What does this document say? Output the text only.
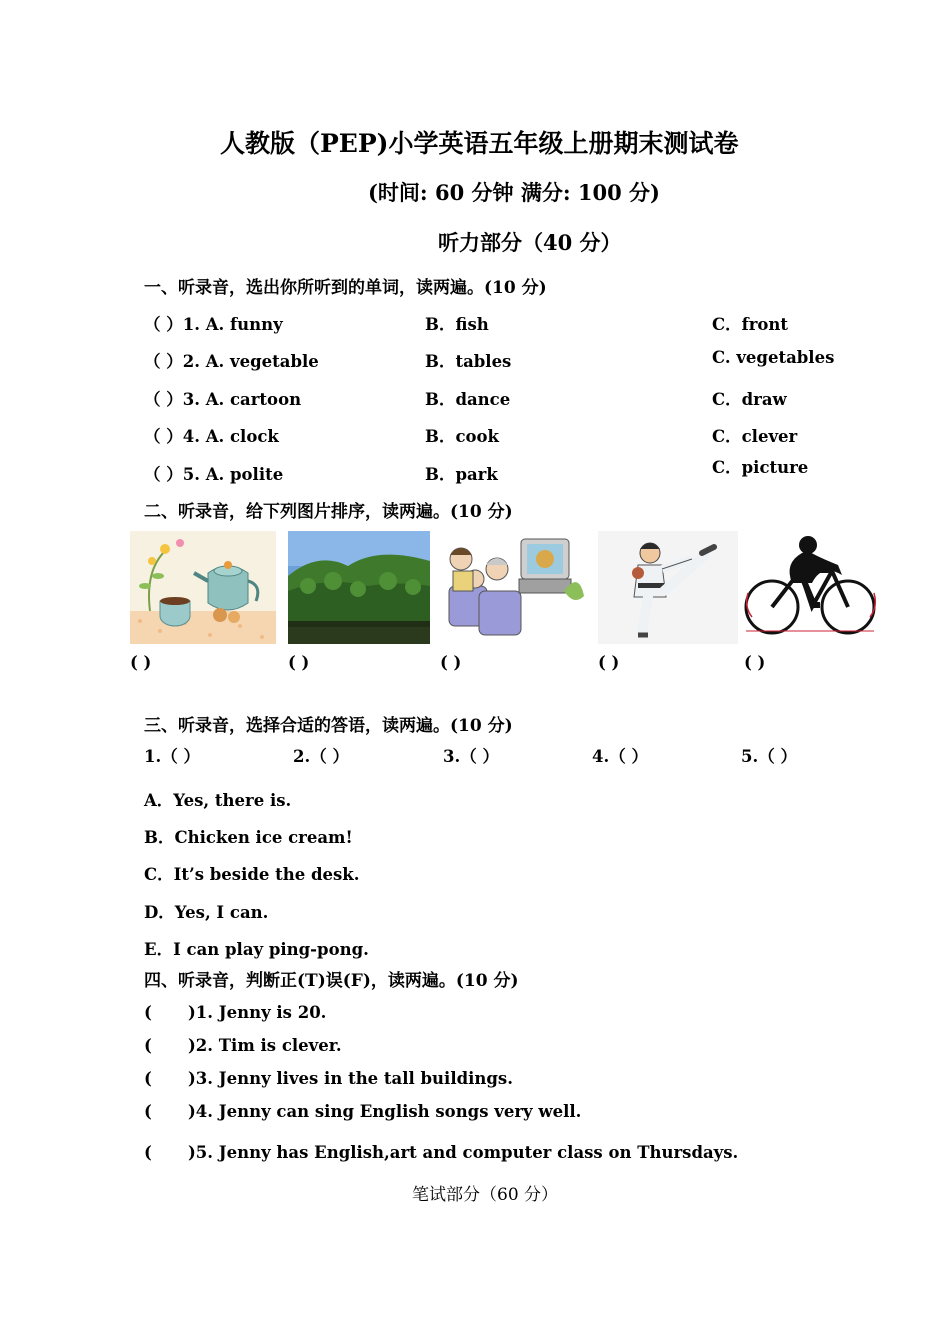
人教版（PEP)小学英语五年级上册期末测试卷
(时间: 60 分钟 满分: 100 分)
听力部分（40 分）
一、听录音，选出你所听到的单词，读两遍。(10 分)
（ ）1. A. funny	B．fish	C．front
（ ）2. A. vegetable	B．tables	C. vegetables
（ ）3. A. cartoon	B．dance	C．draw
（ ）4. A. clock	B．cook	C．clever
（ ）5. A. polite	B．park	C．picture
二、听录音，给下列图片排序，读两遍。(10 分)
( )	( )	( )	( )	( )
三、听录音，选择合适的答语，读两遍。(10 分)
1.（ ）	2.（ ）	3.（ ）	4.（ ）	5.（ ）
A．Yes, there is.
B．Chicken ice cream!
C．It’s beside the desk.
D．Yes, I can.
E．I can play ping-pong.
四、听录音，判断正(T)误(F)，读两遍。(10 分)
( )1. Jenny is 20.
( )2. Tim is clever.
( )3. Jenny lives in the tall buildings.
( )4. Jenny can sing English songs very well.
( )5. Jenny has English,art and computer class on Thursdays.
笔试部分（60 分）
